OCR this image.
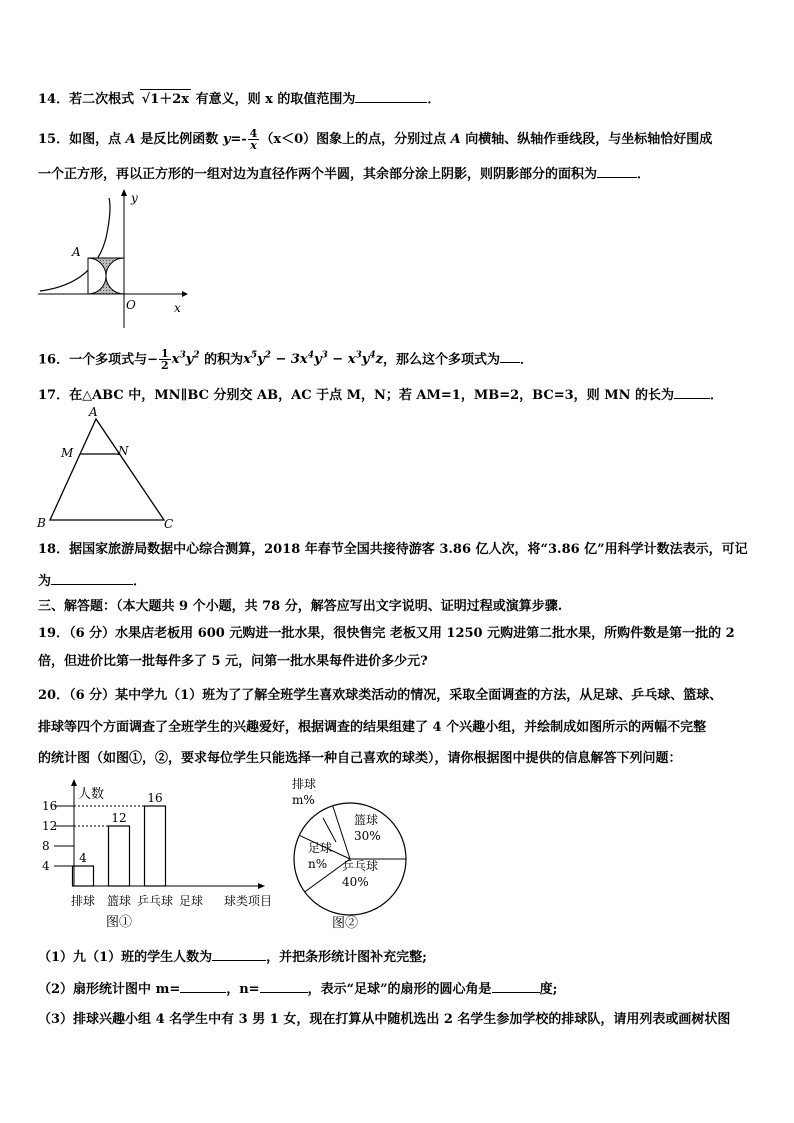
14．若二次根式 √1＋2x 有意义，则 x 的取值范围为	．
15．如图，点 A 是反比例函数 $y=- \frac{4}{x} (x<0)$图象上的点，分别过点 A 向横轴、纵轴作垂线段，与坐标轴恰好围成
一个正方形，再以正方形的一组对边为直径作两个半圆，其余部分涂上阴影，则阴影部分的面积为	．
y
A
O	x
16．一个多项式与− $\frac{1}{2} x^3y^2$ 的积为$x^5y^2 - 3x^4y^3 - x^3y^4z$，那么这个多项式为 ．
17．在△ABC 中，MN∥BC 分别交 AB，AC 于点 M，N；若 AM=1，MB=2，BC=3，则 MN 的长为	．
A
M	N
B	C
18．据国家旅游局数据中心综合测算，2018 年春节全国共接待游客 3.86 亿人次，将“3.86 亿”用科学计数法表示，可记
为	．
三、解答题：（本大题共 9 个小题，共 78 分，解答应写出文字说明、证明过程或演算步骤.
19．（6 分）水果店老板用 600 元购进一批水果，很快售完 老板又用 1250 元购进第二批水果，所购件数是第一批的 2
倍，但进价比第一批每件多了 5 元，问第一批水果每件进价多少元?
20．（6 分）某中学九（1）班为了了解全班学生喜欢球类活动的情况，采取全面调查的方法，从足球、乒乓球、篮球、
排球等四个方面调查了全班学生的兴趣爱好，根据调查的结果组建了 4 个兴趣小组，并绘制成如图所示的两幅不完整
的统计图（如图①，②，要求每位学生只能选择一种自己喜欢的球类），请你根据图中提供的信息解答下列问题：
4
12
16
4
8
12
16
排球 篮球 乒乓球 足球 球类项目
人数
图①
排球
m%
篮球
30%
足球
n% 乒乓球
40%
图②
（1）九（1）班的学生人数为	，并把条形统计图补充完整;
（2）扇形统计图中 m=	，n=	，表示“足球”的扇形的圆心角是	度;
（3）排球兴趣小组 4 名学生中有 3 男 1 女，现在打算从中随机选出 2 名学生参加学校的排球队，请用列表或画树状图
